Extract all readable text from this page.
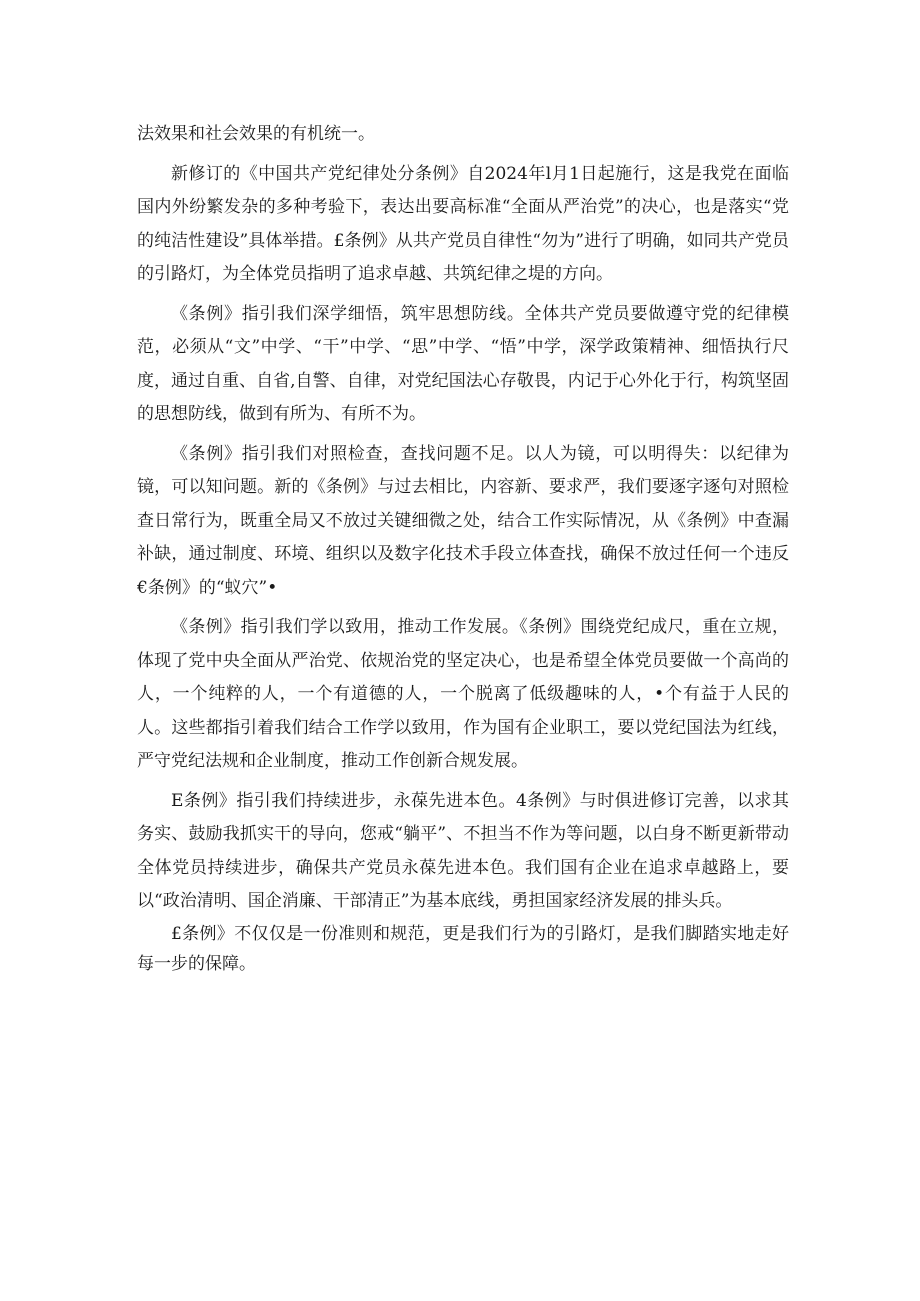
法效果和社会效果的有机统一。

新修订的《中国共产党纪律处分条例》自2024年l月1日起施行，这是我党在面临国内外纷繁发杂的多种考验下，表达出要高标准“全面从严治党”的决心，也是落实“党的纯洁性建设”具体举措。£条例》从共产党员自律性“勿为”进行了明确，如同共产党员的引路灯，为全体党员指明了追求卓越、共筑纪律之堤的方向。

《条例》指引我们深学细悟，筑牢思想防线。全体共产党员要做遵守党的纪律模范，必须从“文”中学、“干”中学、“思”中学、“悟”中学，深学政策精神、细悟执行尺度，通过自重、自省,自警、自律，对党纪国法心存敬畏，内记于心外化于行，构筑坚固的思想防线，做到有所为、有所不为。

《条例》指引我们对照检查，查找问题不足。以人为镜，可以明得失：以纪律为镜，可以知问题。新的《条例》与过去相比，内容新、要求严，我们要逐字逐句对照检查日常行为，既重全局又不放过关键细微之处，结合工作实际情况，从《条例》中查漏补缺，通过制度、环境、组织以及数字化技术手段立体查找，确保不放过任何一个违反€条例》的“蚁穴”•

《条例》指引我们学以致用，推动工作发展。《条例》围绕党纪成尺，重在立规，体现了党中央全面从严治党、依规治党的坚定决心，也是希望全体党员要做一个高尚的人，一个纯粹的人，一个有道德的人，一个脱离了低级趣味的人，•个有益于人民的人。这些都指引着我们结合工作学以致用，作为国有企业职工，要以党纪国法为红线，严守党纪法规和企业制度，推动工作创新合规发展。

E条例》指引我们持续进步，永葆先进本色。4条例》与时俱进修订完善，以求其务实、鼓励我抓实干的导向，您戒“躺平”、不担当不作为等问题，以白身不断更新带动全体党员持续进步，确保共产党员永葆先进本色。我们国有企业在追求卓越路上，要以“政治清明、国企消廉、干部清正”为基本底线，勇担国家经济发展的排头兵。

£条例》不仅仅是一份准则和规范，更是我们行为的引路灯，是我们脚踏实地走好每一步的保障。
